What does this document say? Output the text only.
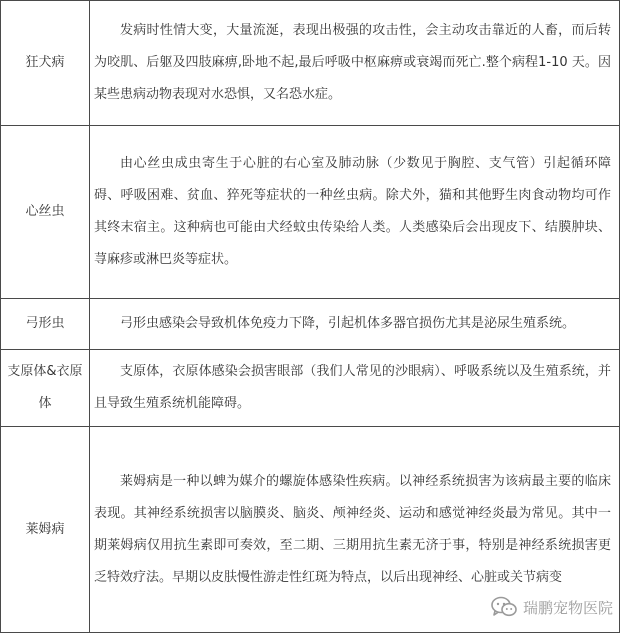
狂犬病	发病时性情大变，大量流涎，表现出极强的攻击性，会主动攻击靠近的人畜，而后转为咬肌、后躯及四肢麻痹,卧地不起,最后呼吸中枢麻痹或衰竭而死亡.整个病程1-10 天。因某些患病动物表现对水恐惧，又名恐水症。

心丝虫	由心丝虫成虫寄生于心脏的右心室及肺动脉（少数见于胸腔、支气管）引起循环障碍、呼吸困难、贫血、猝死等症状的一种丝虫病。除犬外，猫和其他野生肉食动物均可作其终末宿主。这种病也可能由犬经蚊虫传染给人类。人类感染后会出现皮下、结膜肿块、荨麻疹或淋巴炎等症状。

弓形虫	弓形虫感染会导致机体免疫力下降，引起机体多器官损伤尤其是泌尿生殖系统。

支原体&衣原体	支原体，衣原体感染会损害眼部（我们人常见的沙眼病）、呼吸系统以及生殖系统，并且导致生殖系统机能障碍。

莱姆病	莱姆病是一种以蜱为媒介的螺旋体感染性疾病。以神经系统损害为该病最主要的临床表现。其神经系统损害以脑膜炎、脑炎、颅神经炎、运动和感觉神经炎最为常见。其中一期莱姆病仅用抗生素即可奏效，至二期、三期用抗生素无济于事，特别是神经系统损害更乏特效疗法。早期以皮肤慢性游走性红斑为特点，以后出现神经、心脏或关节病变
瑞鹏宠物医院
